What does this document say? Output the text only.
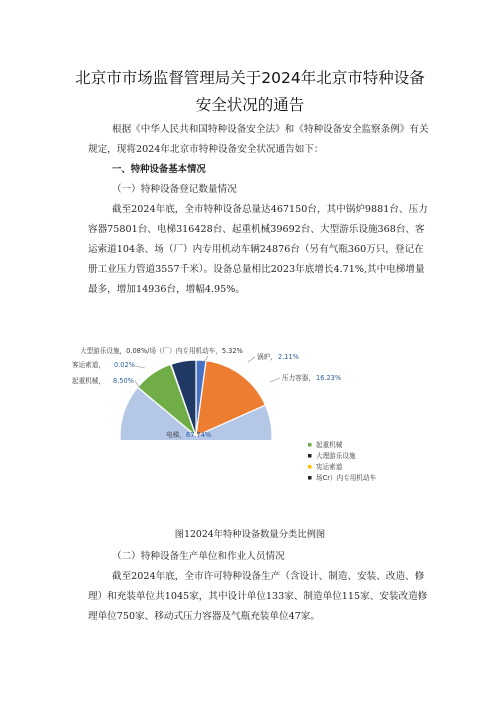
北京市市场监督管理局关于2024年北京市特种设备
安全状况的通告

根据《中华人民共和国特种设备安全法》和《特种设备安全监察条例》有关规定，现将2024年北京市特种设备安全状况通告如下：

一、特种设备基本情况

（一）特种设备登记数量情况

截至2024年底，全市特种设备总量达467150台，其中锅炉9881台、压力容器75801台、电梯316428台、起重机械39692台、大型游乐设施368台、客运索道104条、场（厂）内专用机动车辆24876台（另有气瓶360万只，登记在册工业压力管道3557千米）。设备总量相比2023年底增长4.71%,其中电梯增量最多，增加14936台，增幅4.95%。

大型游乐设施，0.08%/场（厂）内专用机动车，5.32%
锅炉， 2.11%
压力容器， 16.23%
客运索道， 0.02%
起重机械， 8.50%
电梯， 67.74%
起重机械
大理游乐设施
宪运索道
场Cr）内专用机动车
图12024年特种设备数量分类比例图

（二）特种设备生产单位和作业人员情况

截至2024年底，全市许可特种设备生产（含设计、制造、安装、改造、修理）和充装单位共1045家，其中设计单位133家、制造单位115家、安装改造修理单位750家、移动式压力容器及气瓶充装单位47家。
